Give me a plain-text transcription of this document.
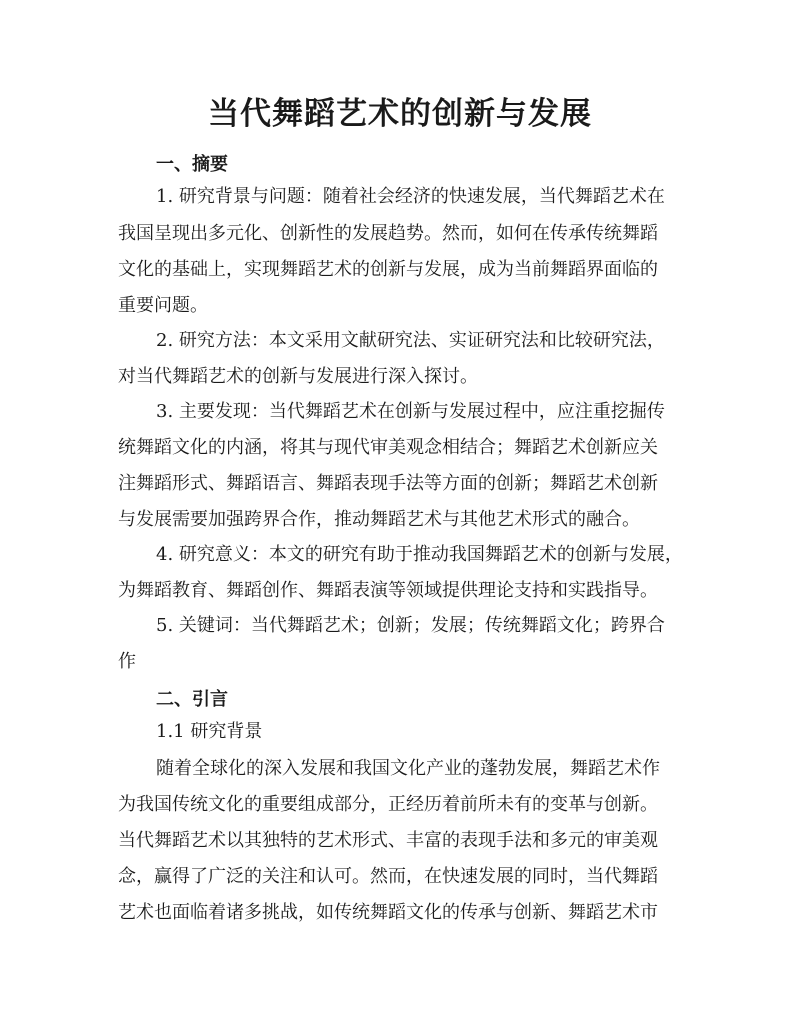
当代舞蹈艺术的创新与发展
一、摘要

1. 研究背景与问题：随着社会经济的快速发展，当代舞蹈艺术在

我国呈现出多元化、创新性的发展趋势。然而，如何在传承传统舞蹈

文化的基础上，实现舞蹈艺术的创新与发展，成为当前舞蹈界面临的

重要问题。

2. 研究方法：本文采用文献研究法、实证研究法和比较研究法，

对当代舞蹈艺术的创新与发展进行深入探讨。

3. 主要发现：当代舞蹈艺术在创新与发展过程中，应注重挖掘传

统舞蹈文化的内涵，将其与现代审美观念相结合；舞蹈艺术创新应关

注舞蹈形式、舞蹈语言、舞蹈表现手法等方面的创新；舞蹈艺术创新

与发展需要加强跨界合作，推动舞蹈艺术与其他艺术形式的融合。

4. 研究意义：本文的研究有助于推动我国舞蹈艺术的创新与发展，

为舞蹈教育、舞蹈创作、舞蹈表演等领域提供理论支持和实践指导。

5. 关键词：当代舞蹈艺术；创新；发展；传统舞蹈文化；跨界合

作

二、引言

1.1 研究背景

随着全球化的深入发展和我国文化产业的蓬勃发展，舞蹈艺术作

为我国传统文化的重要组成部分，正经历着前所未有的变革与创新。

当代舞蹈艺术以其独特的艺术形式、丰富的表现手法和多元的审美观

念，赢得了广泛的关注和认可。然而，在快速发展的同时，当代舞蹈

艺术也面临着诸多挑战，如传统舞蹈文化的传承与创新、舞蹈艺术市
